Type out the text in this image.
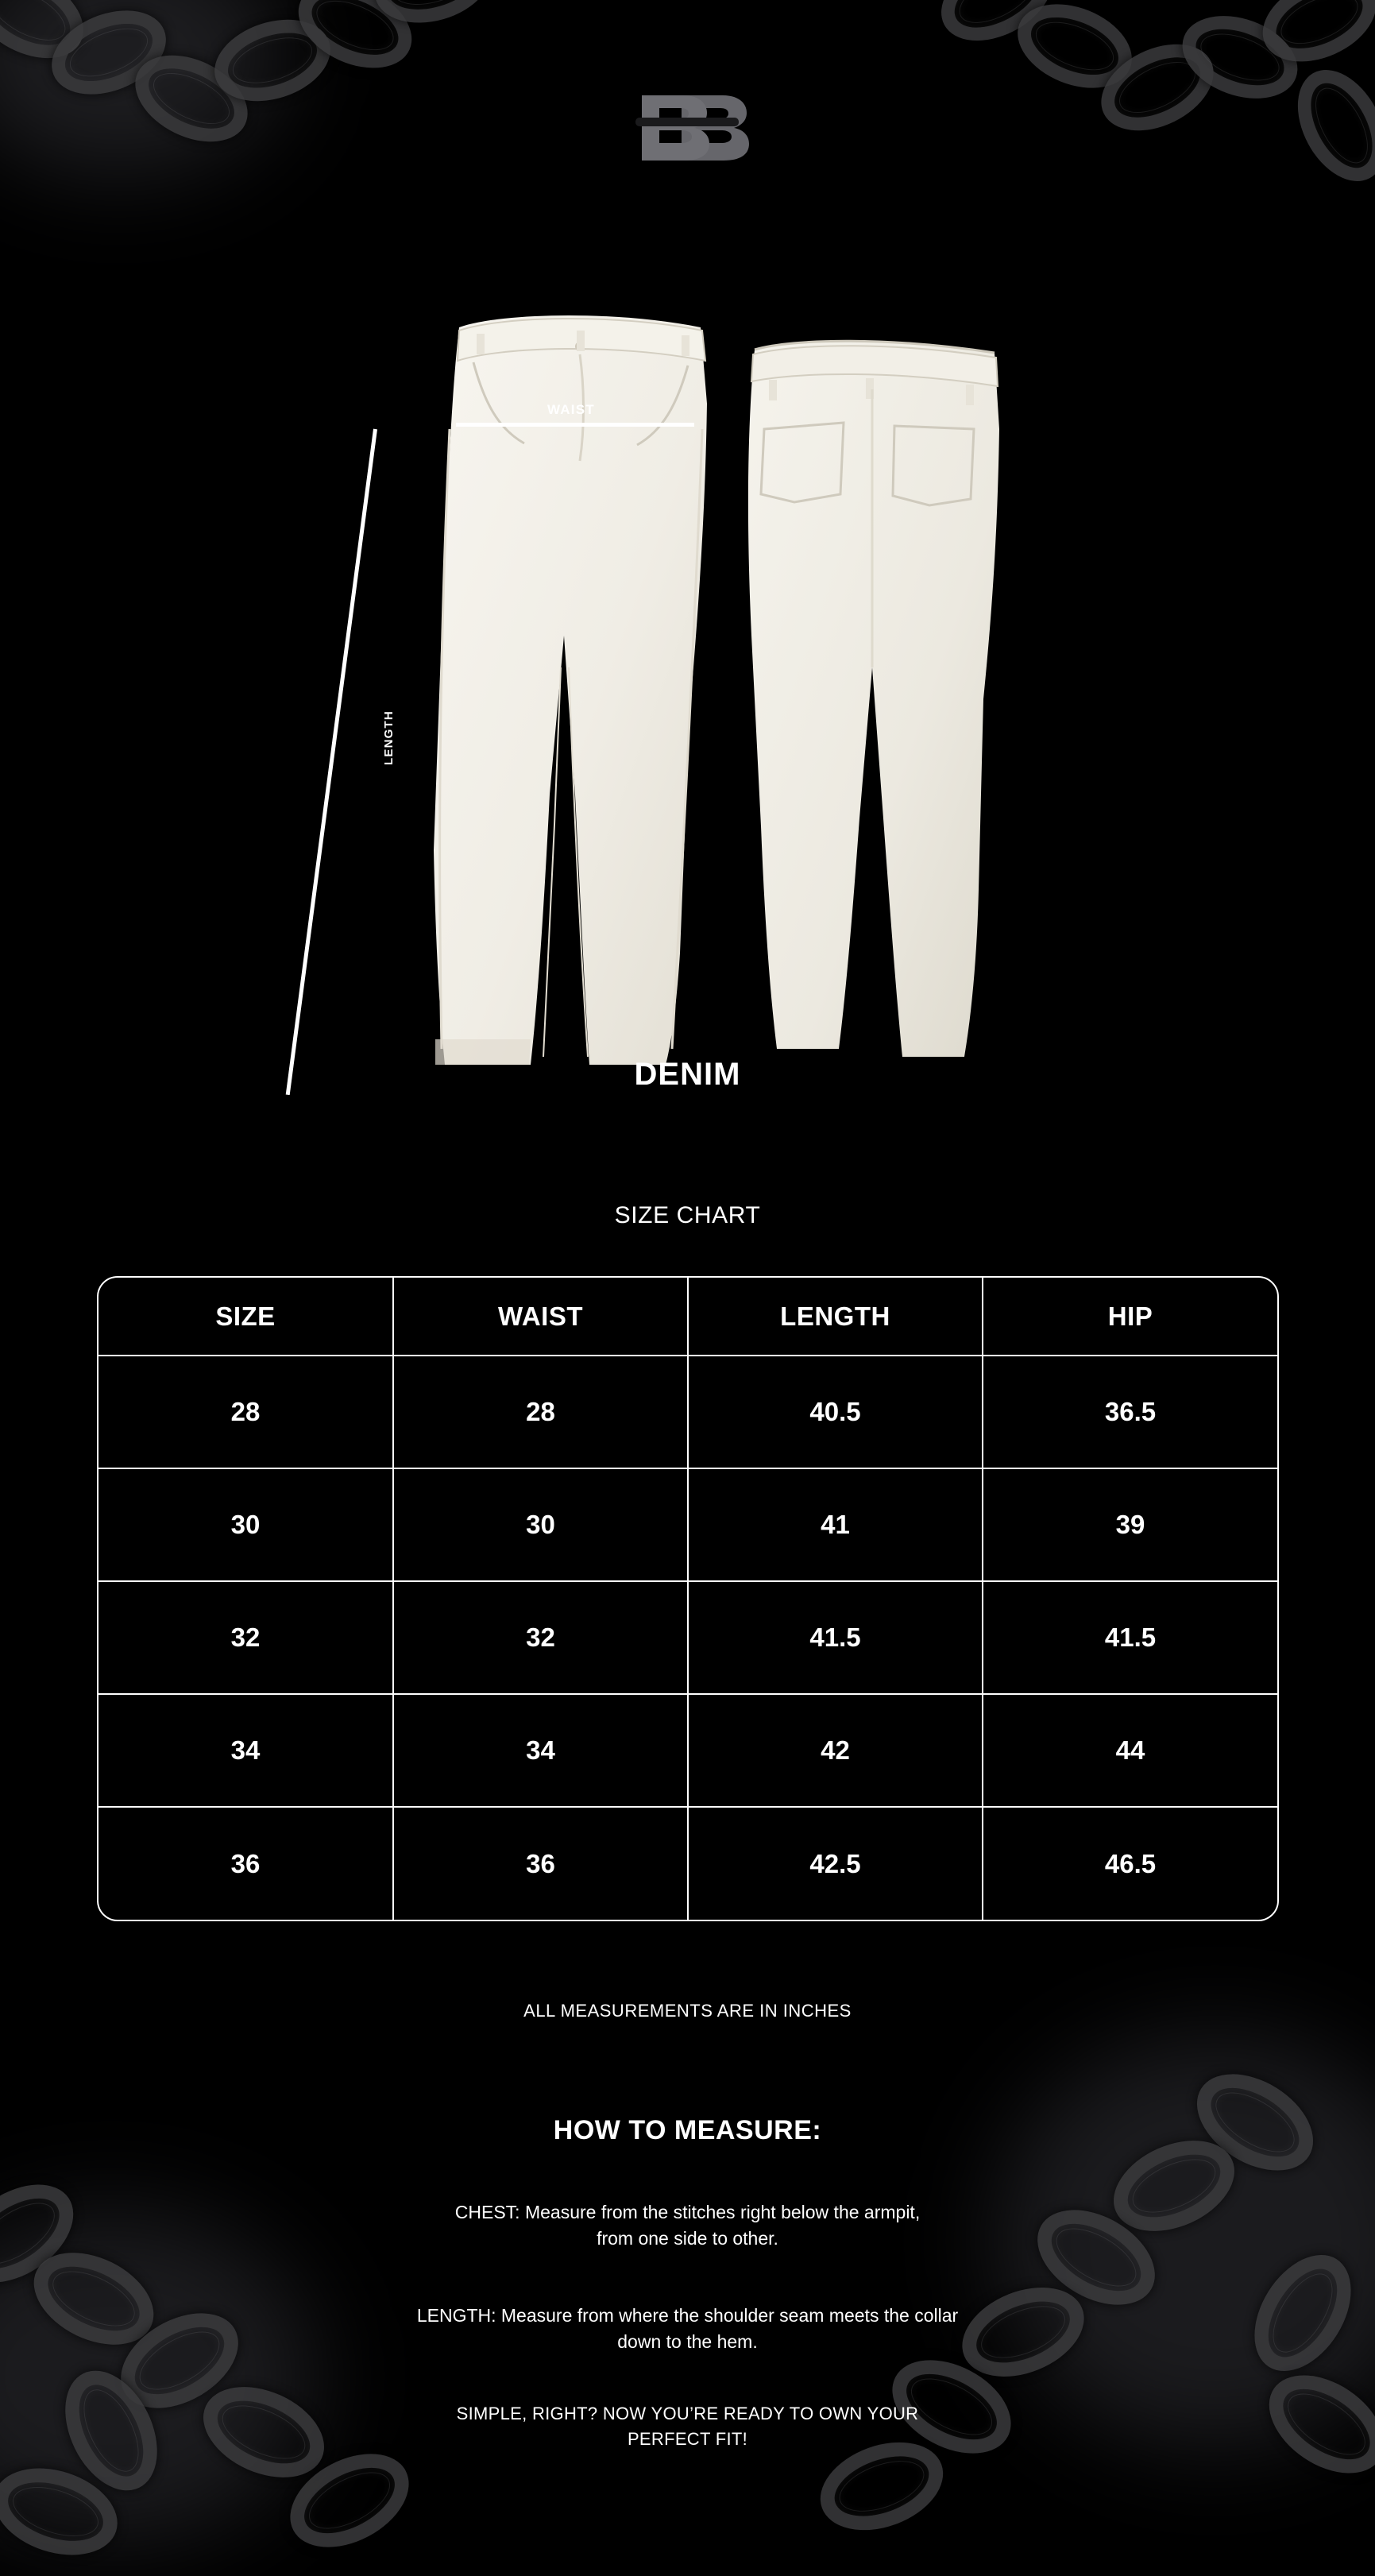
WAIST
LENGTH
DENIM
SIZE CHART
SIZE	WAIST	LENGTH	HIP
28	28	40.5	36.5
30	30	41	39
32	32	41.5	41.5
34	34	42	44
36	36	42.5	46.5
ALL MEASUREMENTS ARE IN INCHES
HOW TO MEASURE:
CHEST: Measure from the stitches right below the armpit,
from one side to other.
LENGTH: Measure from where the shoulder seam meets the collar
down to the hem.
SIMPLE, RIGHT? NOW YOU’RE READY TO OWN YOUR
PERFECT FIT!
